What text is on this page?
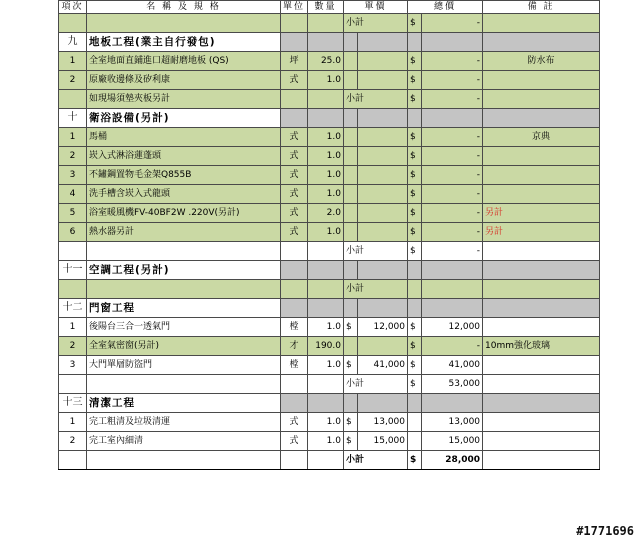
項次	名 稱 及 規 格	單位	數量	單價		總價		備 註
				小計		$	-	
九	地板工程(業主自行發包)							
1	全室地面直鋪進口超耐磨地板 (QS)	坪	25.0			$	-	防水布
2	原廠收邊條及矽利康	式	1.0			$	-	
	如現場須墊夾板另計			小計		$	-	
十	衛浴設備(另計)							
1	馬桶	式	1.0			$	-	京典
2	崁入式淋浴蓮蓬頭	式	1.0			$	-	
3	不鏽鋼置物毛金架Q855B	式	1.0			$	-	
4	洗手槽含崁入式龍頭	式	1.0			$	-	
5	浴室暖風機FV-40BF2W .220V(另計)	式	2.0			$	-	另計
6	熱水器另計	式	1.0			$	-	另計
				小計		$	-	
十一	空調工程(另計)							
				小計				
十二	門窗工程							
1	後陽台三合一透氣門	樘	1.0	$	12,000	$	12,000	
2	全室氣密窗(另計)	才	190.0			$	-	10mm強化玻璃
3	大門單層防盜門	樘	1.0	$	41,000	$	41,000	
				小計		$	53,000	
十三	清潔工程							
1	完工粗清及垃圾清運	式	1.0	$	13,000		13,000	
2	完工室內細清	式	1.0	$	15,000		15,000	
				小計		$	28,000	
#1771696
